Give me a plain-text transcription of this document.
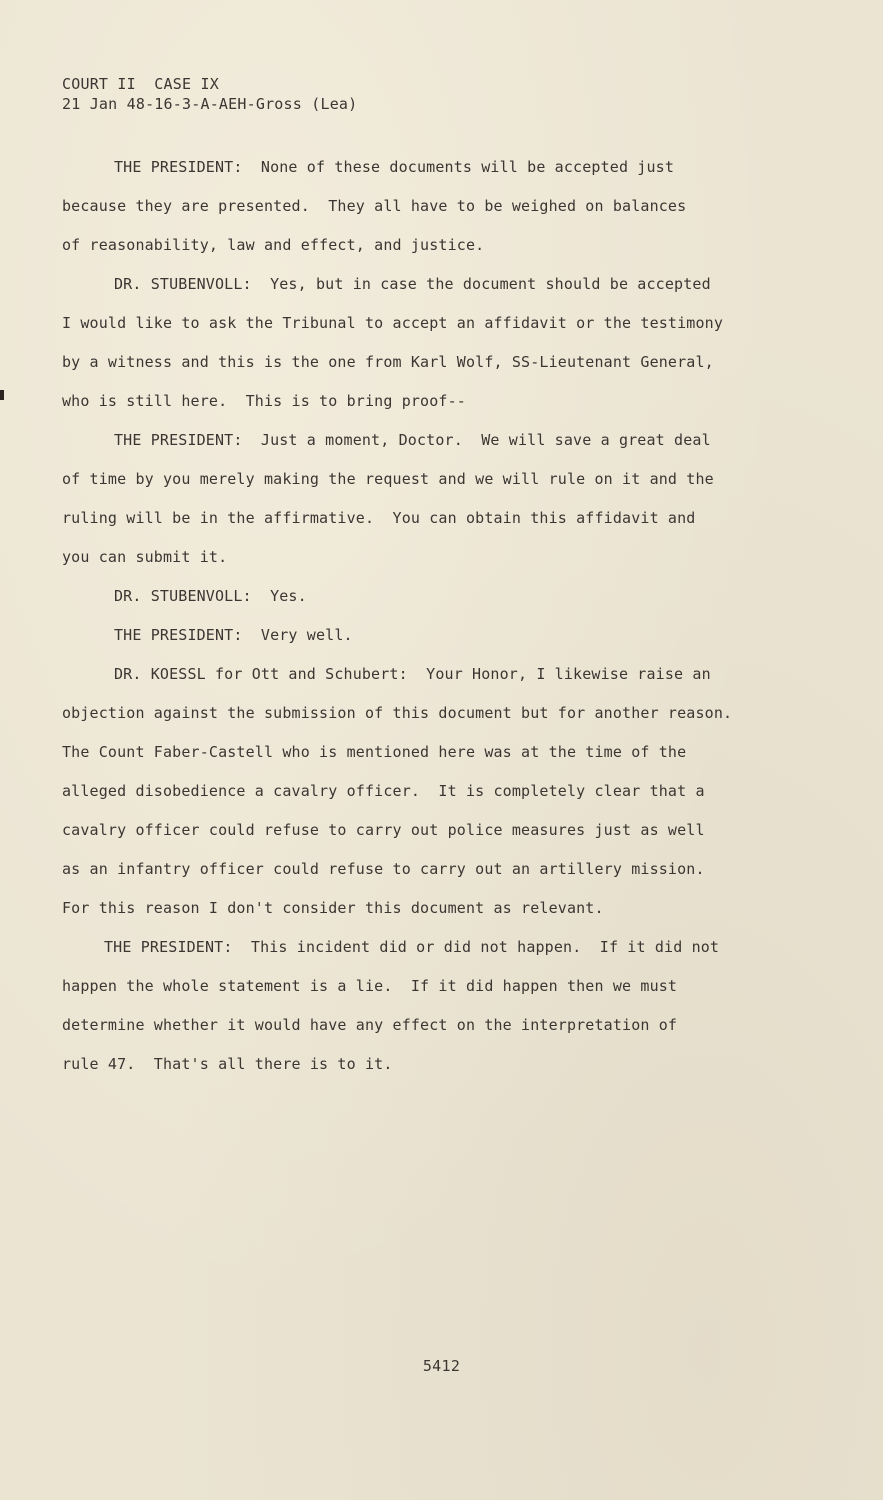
COURT II  CASE IX
21 Jan 48-16-3-A-AEH-Gross (Lea)
THE PRESIDENT:  None of these documents will be accepted just
because they are presented.  They all have to be weighed on balances
of reasonability, law and effect, and justice.
DR. STUBENVOLL:  Yes, but in case the document should be accepted
I would like to ask the Tribunal to accept an affidavit or the testimony
by a witness and this is the one from Karl Wolf, SS-Lieutenant General,
who is still here.  This is to bring proof--
THE PRESIDENT:  Just a moment, Doctor.  We will save a great deal
of time by you merely making the request and we will rule on it and the
ruling will be in the affirmative.  You can obtain this affidavit and
you can submit it.
DR. STUBENVOLL:  Yes.
THE PRESIDENT:  Very well.
DR. KOESSL for Ott and Schubert:  Your Honor, I likewise raise an
objection against the submission of this document but for another reason.
The Count Faber-Castell who is mentioned here was at the time of the
alleged disobedience a cavalry officer.  It is completely clear that a
cavalry officer could refuse to carry out police measures just as well
as an infantry officer could refuse to carry out an artillery mission.
For this reason I don't consider this document as relevant.
THE PRESIDENT:  This incident did or did not happen.  If it did not
happen the whole statement is a lie.  If it did happen then we must
determine whether it would have any effect on the interpretation of
rule 47.  That's all there is to it.
5412
